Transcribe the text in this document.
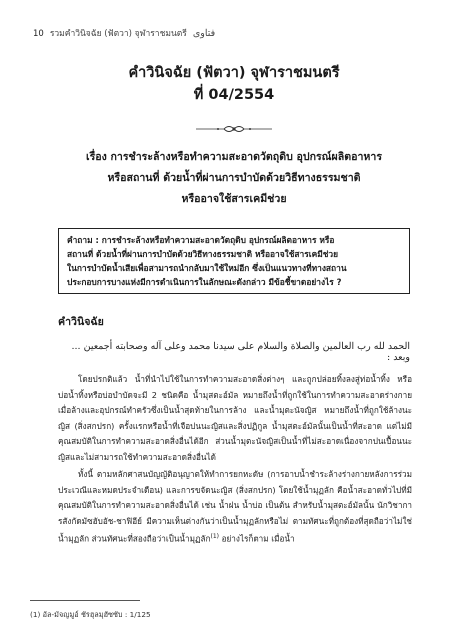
10 รวมคำวินิจฉัย (ฟัตวา) จุฬาราชมนตรี فتاوى
คำวินิจฉัย (ฟัตวา) จุฬาราชมนตรี
ที่ 04/2554
เรื่อง การชำระล้างหรือทำความสะอาดวัตถุดิบ อุปกรณ์ผลิตอาหาร
หรือสถานที่ ด้วยน้ำที่ผ่านการบำบัดด้วยวิธีทางธรรมชาติ
หรืออาจใช้สารเคมีช่วย
คำถาม : การชำระล้างหรือทำความสะอาดวัตถุดิบ อุปกรณ์ผลิตอาหาร หรือ
สถานที่ ด้วยน้ำที่ผ่านการบำบัดด้วยวิธีทางธรรมชาติ หรืออาจใช้สารเคมีช่วย
ในการบำบัดน้ำเสียเพื่อสามารถนำกลับมาใช้ใหม่อีก ซึ่งเป็นแนวทางที่ทางสถาน
ประกอบการบางแห่งมีการดำเนินการในลักษณะดังกล่าว มีข้อชี้ขาดอย่างไร ?
คำวินิจฉัย
الحمد لله رب العالمين والصلاة والسلام على سيدنا محمد وعلى آله وصحابته أجمعين ... وبعد :

โดยปรกติแล้ว น้ำที่นำไปใช้ในการทำความสะอาดสิ่งต่างๆ และถูกปล่อยทิ้งลงสู่ท่อน้ำทิ้ง หรือบ่อน้ำทิ้งหรือบ่อบำบัดจะมี 2 ชนิดคือ น้ำมุสตะอ์มัล หมายถึงน้ำที่ถูกใช้ในการทำความสะอาดร่างกาย เมื่อล้างและอุปกรณ์ทำครัวซึ่งเป็นน้ำสุดท้ายในการล้าง และน้ำมุตะนัจญิส หมายถึงน้ำที่ถูกใช้ล้างนะญิส (สิ่งสกปรก) ครั้งแรกหรือน้ำที่เจือปนนะญิสและสิ่งปฏิกูล น้ำมุสตะอ์มัลนั้นเป็นน้ำที่สะอาด แต่ไม่มีคุณสมบัติในการทำความสะอาดสิ่งอื่นได้อีก ส่วนน้ำมุตะนัจญิสเป็นน้ำที่ไม่สะอาดเนื่องจากปนเปื้อนนะญิสและไม่สามารถใช้ทำความสะอาดสิ่งอื่นได้

ทั้งนี้ ตามหลักศาสนบัญญัติอนุญาตให้ทำการยกหะดัษ (การอาบน้ำชำระล้างร่างกายหลังการร่วมประเวณีและหมดประจำเดือน) และการขจัดนะญิส (สิ่งสกปรก) โดยใช้น้ำมุฏลัก คือน้ำสะอาดทั่วไปที่มีคุณสมบัติในการทำความสะอาดสิ่งอื่นได้ เช่น น้ำฝน น้ำบ่อ เป็นต้น สำหรับน้ำมุสตะอ์มัลนั้น นักวิชาการสังกัดมัซฮับอัช-ชาฟิอีย์ มีความเห็นต่างกันว่าเป็นน้ำมุฏลักหรือไม่ ตามทัศนะที่ถูกต้องที่สุดถือว่าไม่ใช่น้ำมุฏลัก ส่วนทัศนะที่สองถือว่าเป็นน้ำมุฏลัก$^{(1)}$ อย่างไรก็ตาม เมื่อน้ำ

(1) อัล-มัจญมูอ์ ชัรฮุลมุฮัซซับ : 1/125
